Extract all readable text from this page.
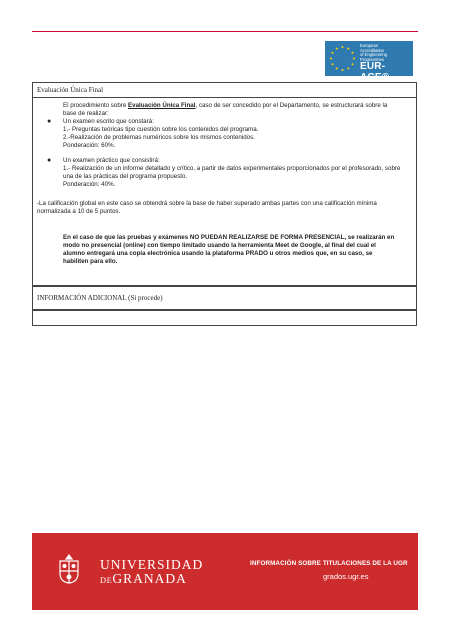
European
Accreditation
of Engineering
Programmes
EUR-ACE®
Evaluación Única Final

El procedimiento sobre Evaluación Única Final, caso de ser concedido por el Departamento, se estructurará sobre la base de realizar:

● Un examen escrito que constará:
1.- Preguntas teóricas tipo cuestión sobre los contenidos del programa.
2.-Realización de problemas numéricos sobre los mismos contenidos.
Ponderación: 60%.

● Un examen práctico que consistirá:
1.- Realización de un informe detallado y crítico, a partir de datos experimentales proporcionados por el profesorado, sobre una de las prácticas del programa propuesto.
Ponderación: 40%.

-La calificación global en este caso se obtendrá sobre la base de haber superado ambas partes con una calificación mínima normalizada a 10 de 5 puntos.

En el caso de que las pruebas y exámenes NO PUEDAN REALIZARSE DE FORMA PRESENCIAL, se realizarán en modo no presencial (online) con tiempo limitado usando la herramienta Meet de Google, al final del cual el alumno entregará una copia electrónica usando la plataforma PRADO u otros medios que, en su caso, se habiliten para ello.

INFORMACIÓN ADICIONAL (Si procede)
UNIVERSIDAD
DEGRANADA
INFORMACIÓN SOBRE TITULACIONES DE LA UGR
grados.ugr.es
